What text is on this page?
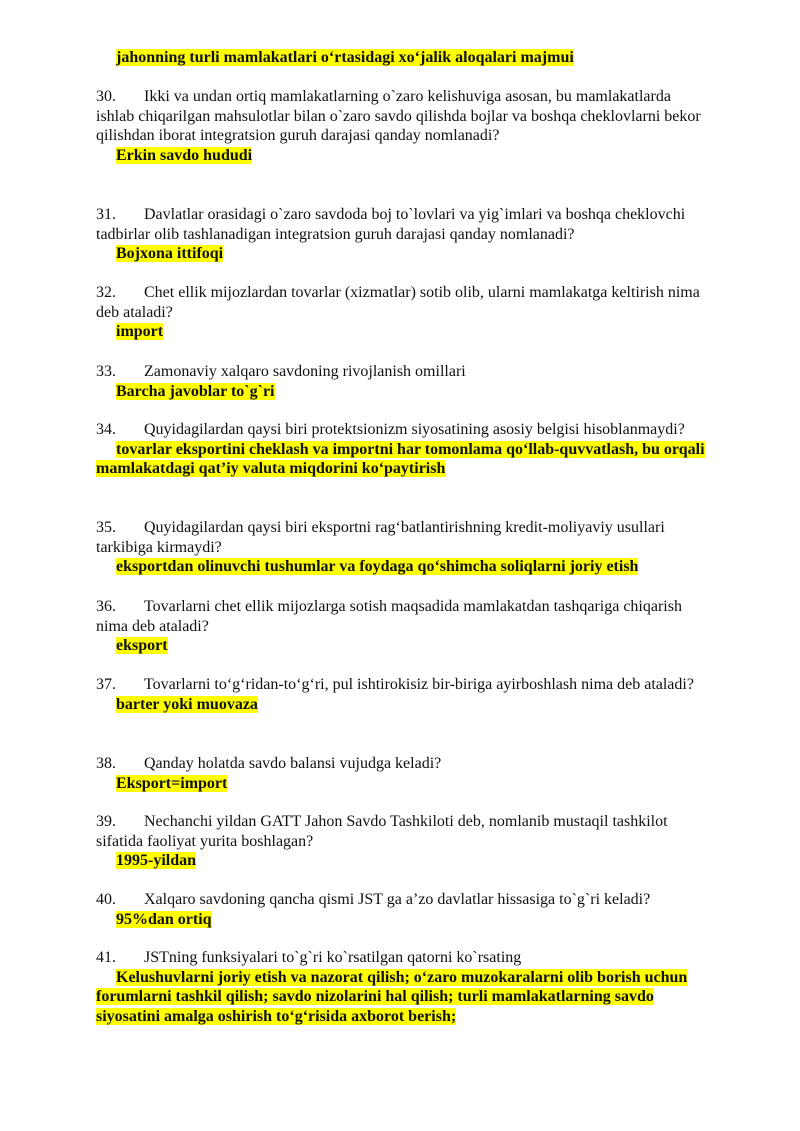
jahonning turli mamlakatlari o‘rtasidagi xo‘jalik aloqalari majmui

30. Ikki va undan ortiq mamlakatlarning o`zaro kelishuviga asosan, bu mamlakatlarda ishlab chiqarilgan mahsulotlar bilan o`zaro savdo qilishda bojlar va boshqa cheklovlarni bekor qilishdan iborat integratsion guruh darajasi qanday nomlanadi?

Erkin savdo hududi

31. Davlatlar orasidagi o`zaro savdoda boj to`lovlari va yig`imlari va boshqa cheklovchi tadbirlar olib tashlanadigan integratsion guruh darajasi qanday nomlanadi?

Bojxona ittifoqi

32. Chet ellik mijozlardan tovarlar (xizmatlar) sotib olib, ularni mamlakatga keltirish nima deb ataladi?

import

33. Zamonaviy xalqaro savdoning rivojlanish omillari

Barcha javoblar to`g`ri

34. Quyidagilardan qaysi biri protektsionizm siyosatining asosiy belgisi hisoblanmaydi?

tovarlar eksportini cheklash va importni har tomonlama qo‘llab-quvvatlash, bu orqali mamlakatdagi qat’iy valuta miqdorini ko‘paytirish

35. Quyidagilardan qaysi biri eksportni rag‘batlantirishning kredit-moliyaviy usullari tarkibiga kirmaydi?

eksportdan olinuvchi tushumlar va foydaga qo‘shimcha soliqlarni joriy etish

36. Tovarlarni chet ellik mijozlarga sotish maqsadida mamlakatdan tashqariga chiqarish nima deb ataladi?

eksport

37. Tovarlarni to‘g‘ridan-to‘g‘ri, pul ishtirokisiz bir-biriga ayirboshlash nima deb ataladi?

barter yoki muovaza

38. Qanday holatda savdo balansi vujudga keladi?

Eksport=import

39. Nechanchi yildan GATT Jahon Savdo Tashkiloti deb, nomlanib mustaqil tashkilot sifatida faoliyat yurita boshlagan?

1995-yildan

40. Xalqaro savdoning qancha qismi JST ga a’zo davlatlar hissasiga to`g`ri keladi?

95%dan ortiq

41. JSTning funksiyalari to`g`ri ko`rsatilgan qatorni ko`rsating

Kelushuvlarni joriy etish va nazorat qilish; o‘zaro muzokaralarni olib borish uchun forumlarni tashkil qilish; savdo nizolarini hal qilish; turli mamlakatlarning savdo siyosatini amalga oshirish to‘g‘risida axborot berish;
